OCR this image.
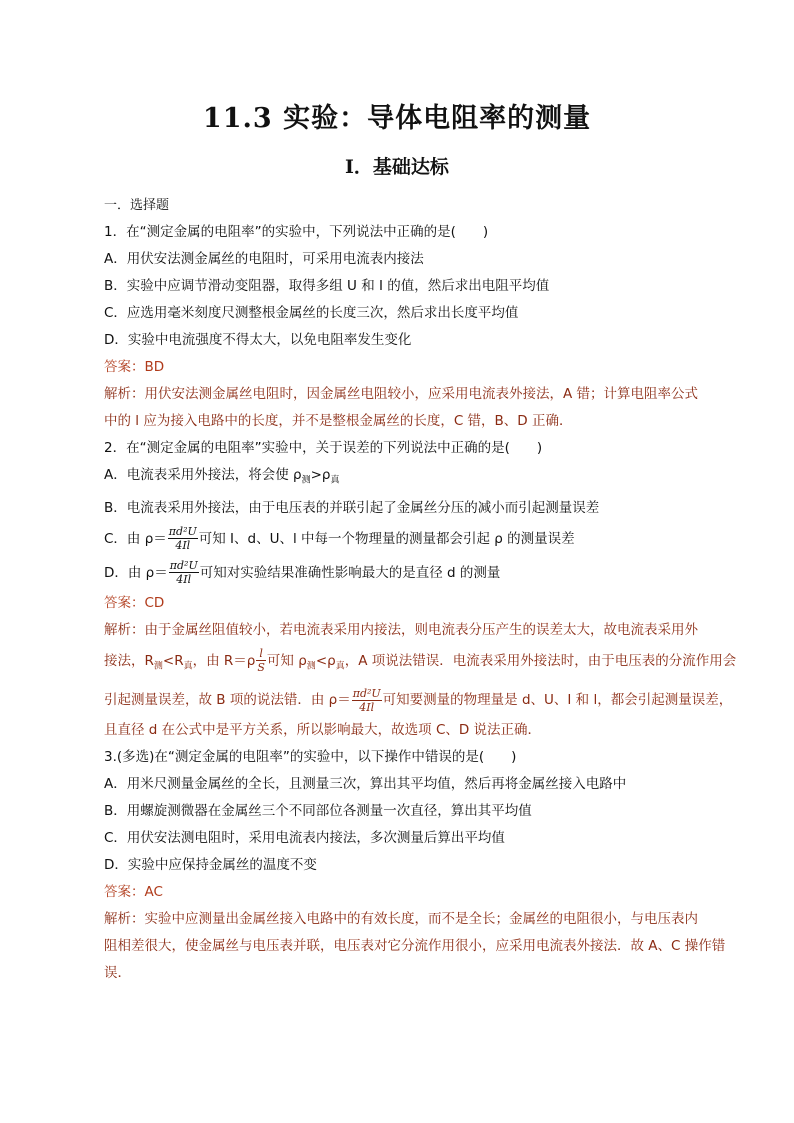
11.3 实验：导体电阻率的测量
Ⅰ．基础达标
一．选择题
1．在“测定金属的电阻率”的实验中，下列说法中正确的是(　　)
A．用伏安法测金属丝的电阻时，可采用电流表内接法
B．实验中应调节滑动变阻器，取得多组 U 和 I 的值，然后求出电阻平均值
C．应选用毫米刻度尺测整根金属丝的长度三次，然后求出长度平均值
D．实验中电流强度不得太大，以免电阻率发生变化
答案：BD
解析：用伏安法测金属丝电阻时，因金属丝电阻较小，应采用电流表外接法，A 错；计算电阻率公式
中的 l 应为接入电路中的长度，并不是整根金属丝的长度，C 错，B、D 正确．
2．在“测定金属的电阻率”实验中，关于误差的下列说法中正确的是(　　)
A．电流表采用外接法，将会使 $\rho_测>\rho_真$
B．电流表采用外接法，由于电压表的并联引起了金属丝分压的减小而引起测量误差
C．由 $\rho= \frac{\text{πd²U}}{4Il}$ 可知 I、d、U、l 中每一个物理量的测量都会引起 ρ 的测量误差
D．由 $\rho= \frac{\text{πd²U}}{4Il}$ 可知对实验结果准确性影响最大的是直径 d 的测量
答案：CD
解析：由于金属丝阻值较小，若电流表采用内接法，则电流表分压产生的误差太大，故电流表采用外
接法，$R_测<R_真$，由 $R=\rho \frac{l}{S}$ 可知 $\rho_测<\rho_真$，A 项说法错误．电流表采用外接法时，由于电压表的分流作用会
引起测量误差，故 B 项的说法错．由 $\rho= \frac{\text{πd²U}}{4Il}$ 可知要测量的物理量是 d、U、I 和 l，都会引起测量误差，
且直径 d 在公式中是平方关系，所以影响最大，故选项 C、D 说法正确．
3.(多选)在“测定金属的电阻率”的实验中，以下操作中错误的是(　　)
A．用米尺测量金属丝的全长，且测量三次，算出其平均值，然后再将金属丝接入电路中
B．用螺旋测微器在金属丝三个不同部位各测量一次直径，算出其平均值
C．用伏安法测电阻时，采用电流表内接法，多次测量后算出平均值
D．实验中应保持金属丝的温度不变
答案：AC
解析：实验中应测量出金属丝接入电路中的有效长度，而不是全长；金属丝的电阻很小，与电压表内
阻相差很大，使金属丝与电压表并联，电压表对它分流作用很小，应采用电流表外接法．故 A、C 操作错
误．
